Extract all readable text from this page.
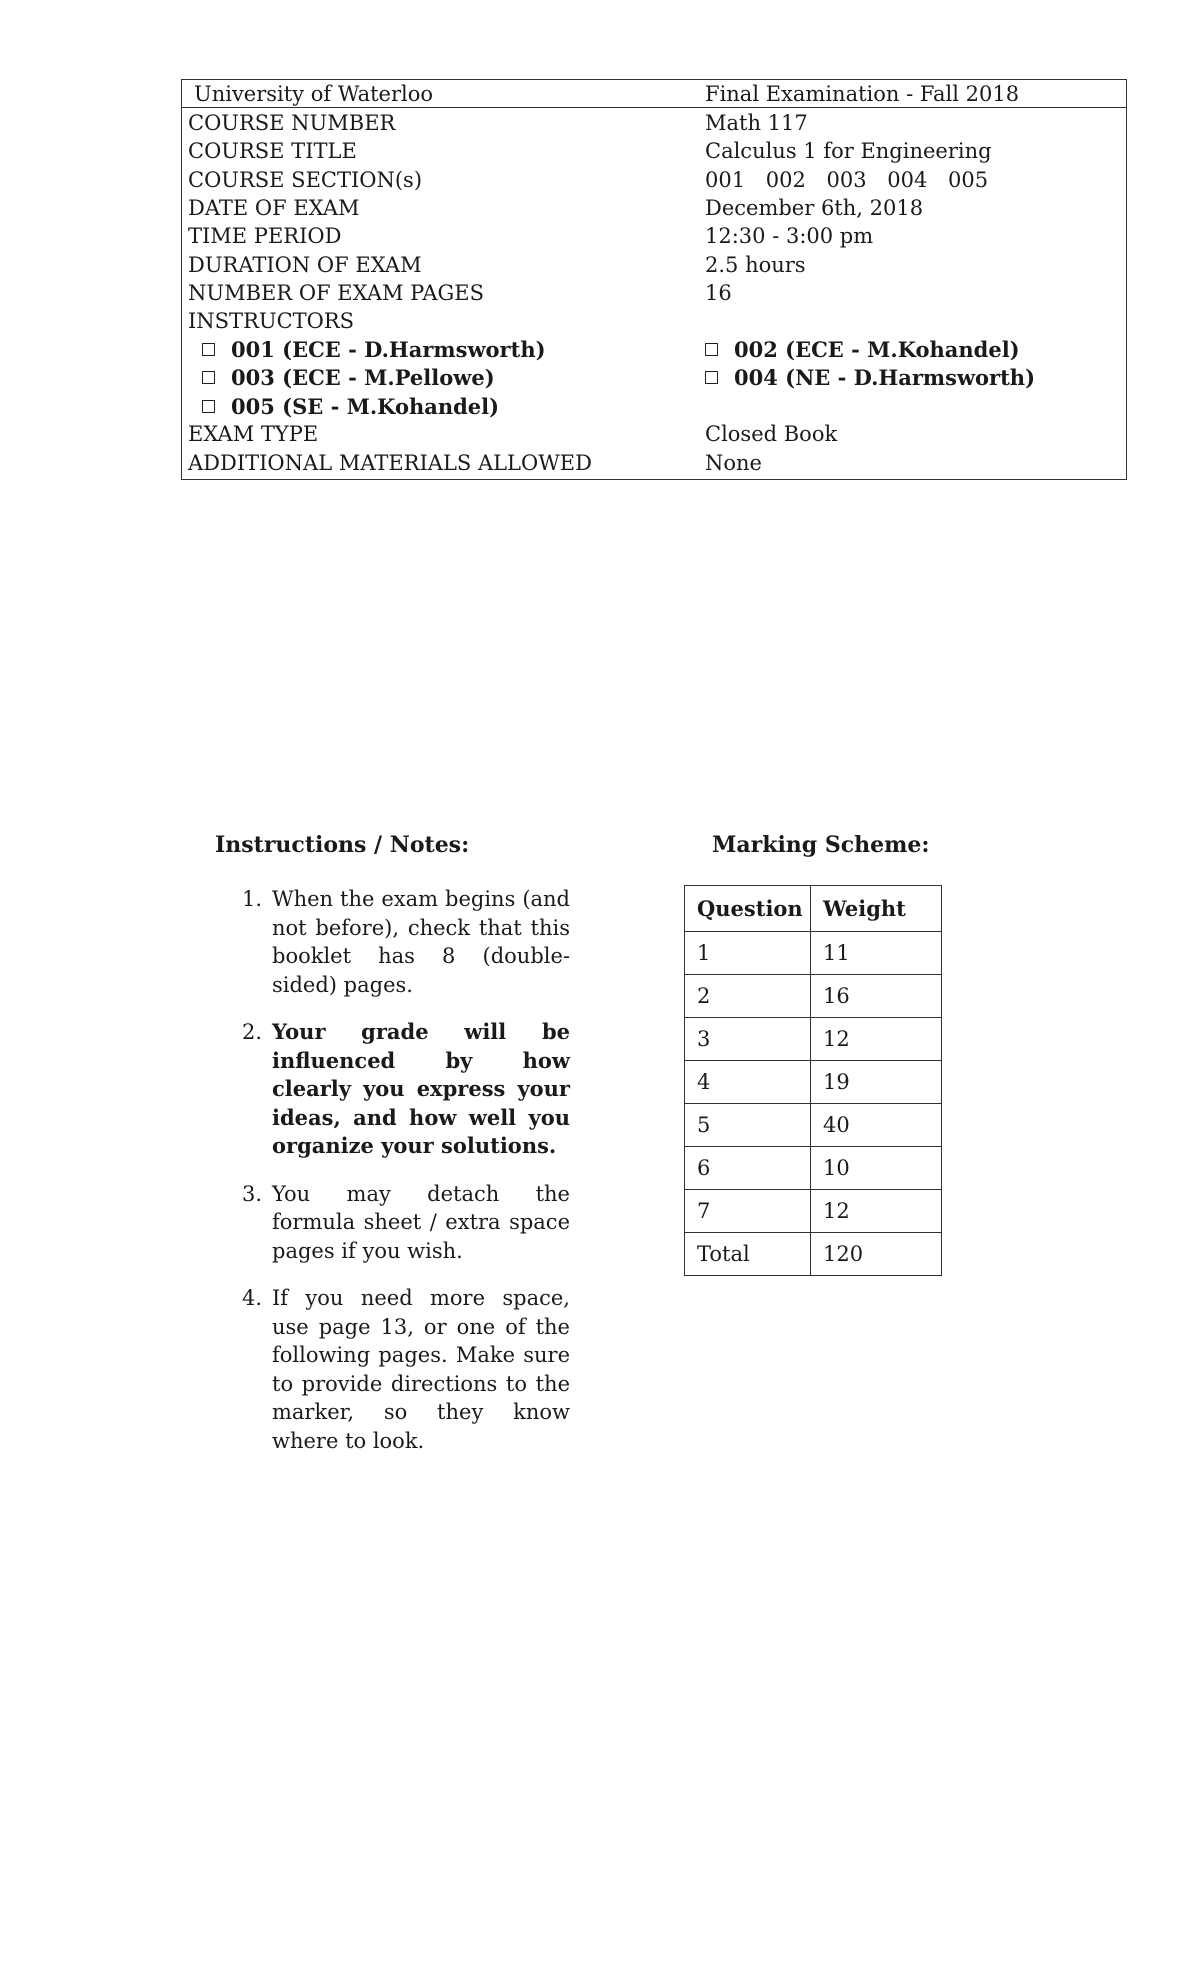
University of Waterloo	Final Examination - Fall 2018
COURSE NUMBER	Math 117
COURSE TITLE	Calculus 1 for Engineering
COURSE SECTION(s)	001 002 003 004 005
DATE OF EXAM	December 6th, 2018
TIME PERIOD	12:30 - 3:00 pm
DURATION OF EXAM	2.5 hours
NUMBER OF EXAM PAGES	16
INSTRUCTORS
001 (ECE - D.Harmsworth)	002 (ECE - M.Kohandel)
003 (ECE - M.Pellowe)	004 (NE - D.Harmsworth)
005 (SE - M.Kohandel)
EXAM TYPE	Closed Book
ADDITIONAL MATERIALS ALLOWED	None
Instructions / Notes:
1. When the exam begins (and not before), check that this booklet has 8 (double-sided) pages.
2. Your grade will be influenced by how clearly you express your ideas, and how well you organize your solutions.
3. You may detach the formula sheet / extra space pages if you wish.
4. If you need more space, use page 13, or one of the following pages. Make sure to provide directions to the marker, so they know where to look.
Marking Scheme:
Question	Weight
1	11
2	16
3	12
4	19
5	40
6	10
7	12
Total	120
